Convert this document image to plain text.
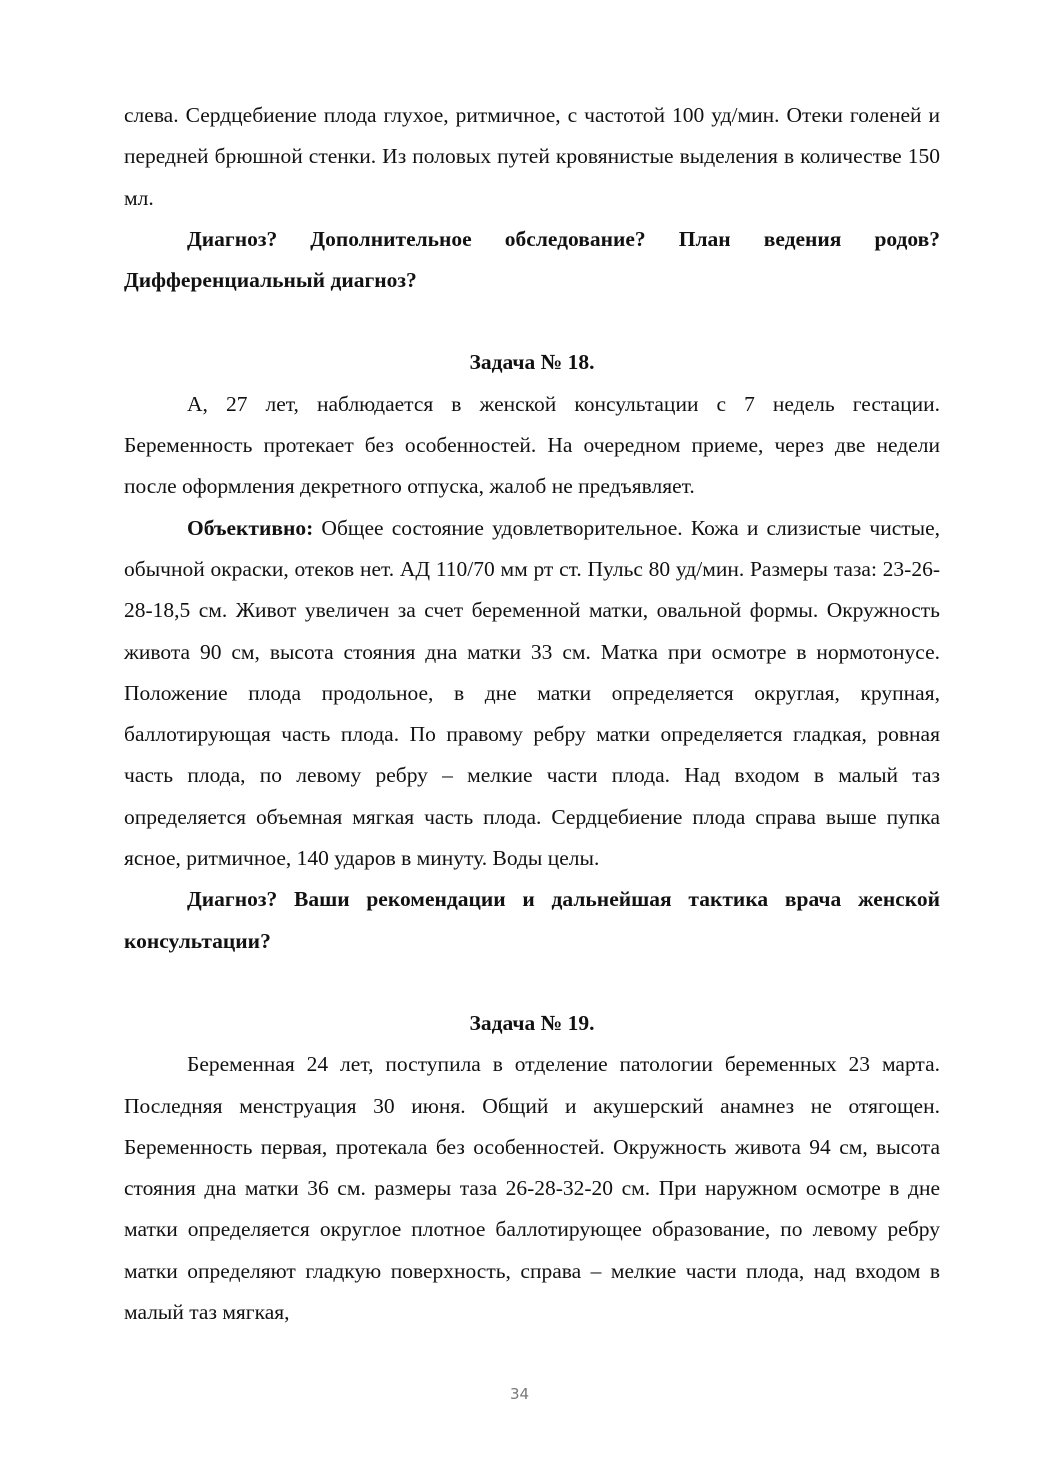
слева. Сердцебиение плода глухое, ритмичное, с частотой 100 уд/мин. Отеки голеней и передней брюшной стенки. Из половых путей кровянистые выделения в количестве 150 мл.

Диагноз? Дополнительное обследование? План ведения родов? Дифференциальный диагноз?

Задача № 18.

А, 27 лет, наблюдается в женской консультации с 7 недель гестации. Беременность протекает без особенностей. На очередном приеме, через две недели после оформления декретного отпуска, жалоб не предъявляет.

Объективно: Общее состояние удовлетворительное. Кожа и слизистые чистые, обычной окраски, отеков нет. АД 110/70 мм рт ст. Пульс 80 уд/мин. Размеры таза: 23-26-28-18,5 см. Живот увеличен за счет беременной матки, овальной формы. Окружность живота 90 см, высота стояния дна матки 33 см. Матка при осмотре в нормотонусе. Положение плода продольное, в дне матки определяется округлая, крупная, баллотирующая часть плода. По правому ребру матки определяется гладкая, ровная часть плода, по левому ребру – мелкие части плода. Над входом в малый таз определяется объемная мягкая часть плода. Сердцебиение плода справа выше пупка ясное, ритмичное, 140 ударов в минуту. Воды целы.

Диагноз? Ваши рекомендации и дальнейшая тактика врача женской консультации?

Задача № 19.

Беременная 24 лет, поступила в отделение патологии беременных 23 марта. Последняя менструация 30 июня. Общий и акушерский анамнез не отягощен. Беременность первая, протекала без особенностей. Окружность живота 94 см, высота стояния дна матки 36 см. размеры таза 26-28-32-20 см. При наружном осмотре в дне матки определяется округлое плотное баллотирующее образование, по левому ребру матки определяют гладкую поверхность, справа – мелкие части плода, над входом в малый таз мягкая,

34
